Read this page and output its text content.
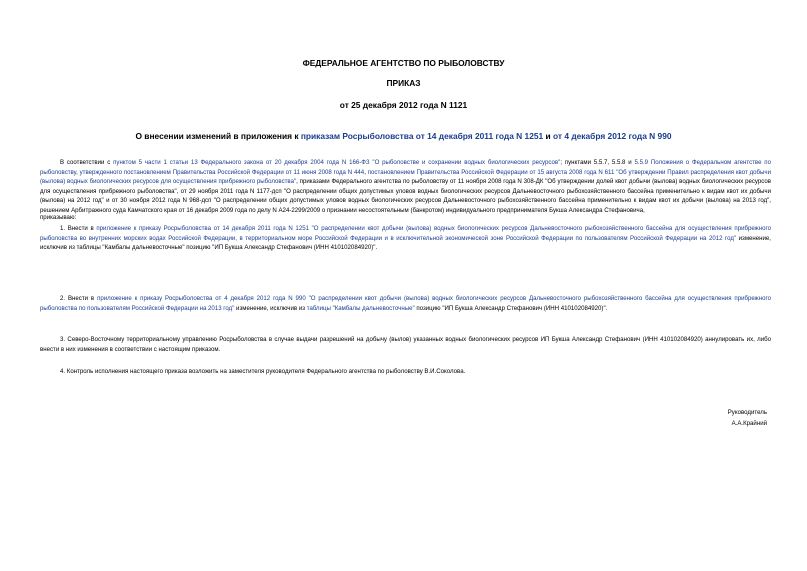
ФЕДЕРАЛЬНОЕ АГЕНТСТВО ПО РЫБОЛОВСТВУ
ПРИКАЗ
от 25 декабря 2012 года N 1121
О внесении изменений в приложения к приказам Росрыболовства от 14 декабря 2011 года N 1251 и от 4 декабря 2012 года N 990
В соответствии с пунктом 5 части 1 статьи 13 Федерального закона от 20 декабря 2004 года N 166-ФЗ "О рыболовстве и сохранении водных биологических ресурсов"; пунктами 5.5.7, 5.5.8 и 5.5.9 Положения о Федеральном агентстве по рыболовству, утвержденного постановлением Правительства Российской Федерации от 11 июня 2008 года N 444, постановлением Правительства Российской Федерации от 15 августа 2008 года N 611 "Об утверждении Правил распределения квот добычи (вылова) водных биологических ресурсов для осуществления прибрежного рыболовства", приказами Федерального агентства по рыболовству от 11 ноября 2008 года N 308-ДК "Об утверждении долей квот добычи (вылова) водных биологических ресурсов для осуществления прибрежного рыболовства", от 29 ноября 2011 года N 1177-дсп "О распределении общих допустимых уловов водных биологических ресурсов Дальневосточного рыбохозяйственного бассейна применительно к видам квот их добычи (вылова) на 2012 год" и от 30 ноября 2012 года N 968-дсп "О распределении общих допустимых уловов водных биологических ресурсов Дальневосточного рыбохозяйственного бассейна применительно к видам квот их добычи (вылова) на 2013 год", решением Арбитражного суда Камчатского края от 16 декабря 2009 года по делу N А24-2299/2009 о признании несостоятельным (банкротом) индивидуального предпринимателя Букша Александра Стефановича,
приказываю:
1. Внести в приложение к приказу Росрыболовства от 14 декабря 2011 года N 1251 "О распределении квот добычи (вылова) водных биологических ресурсов Дальневосточного рыбохозяйственного бассейна для осуществления прибрежного рыболовства во внутренних морских водах Российской Федерации, в территориальном море Российской Федерации и в исключительной экономической зоне Российской Федерации по пользователям Российской Федерации на 2012 год" изменение, исключив из таблицы "Камбалы дальневосточные" позицию "ИП Букша Александр Стефанович (ИНН 410102084920)".
2. Внести в приложение к приказу Росрыболовства от 4 декабря 2012 года N 990 "О распределении квот добычи (вылова) водных биологических ресурсов Дальневосточного рыбохозяйственного бассейна для осуществления прибрежного рыболовства по пользователям Российской Федерации на 2013 год" изменение, исключив из таблицы "Камбалы дальневосточные" позицию "ИП Букша Александр Стефанович (ИНН 410102084920)".
3. Северо-Восточному территориальному управлению Росрыболовства в случае выдачи разрешений на добычу (вылов) указанных водных биологических ресурсов ИП Букша Александр Стефанович (ИНН 410102084920) аннулировать их, либо внести в них изменения в соответствии с настоящим приказом.
4. Контроль исполнения настоящего приказа возложить на заместителя руководителя Федерального агентства по рыболовству В.И.Соколова.
Руководитель
А.А.Крайний
